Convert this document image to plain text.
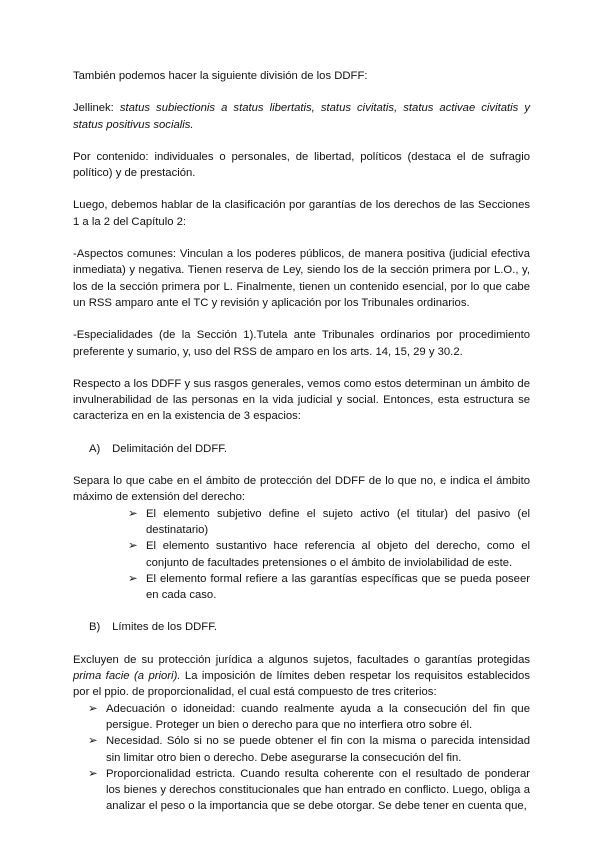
También podemos hacer la siguiente división de los DDFF:

Jellinek: status subiectionis a status libertatis, status civitatis, status activae civitatis y status positivus socialis.

Por contenido: individuales o personales, de libertad, políticos (destaca el de sufragio político) y de prestación.

Luego, debemos hablar de la clasificación por garantías de los derechos de las Secciones 1 a la 2 del Capítulo 2:

-Aspectos comunes: Vinculan a los poderes públicos, de manera positiva (judicial efectiva inmediata) y negativa. Tienen reserva de Ley, siendo los de la sección primera por L.O., y, los de la sección primera por L. Finalmente, tienen un contenido esencial, por lo que cabe un RSS amparo ante el TC y revisión y aplicación por los Tribunales ordinarios.

-Especialidades (de la Sección 1).Tutela ante Tribunales ordinarios por procedimiento preferente y sumario, y, uso del RSS de amparo en los arts. 14, 15, 29 y 30.2.

Respecto a los DDFF y sus rasgos generales, vemos como estos determinan un ámbito de invulnerabilidad de las personas en la vida judicial y social. Entonces, esta estructura se caracteriza en en la existencia de 3 espacios:

A) Delimitación del DDFF.

Separa lo que cabe en el ámbito de protección del DDFF de lo que no, e indica el ámbito máximo de extensión del derecho:

➢ El elemento subjetivo define el sujeto activo (el titular) del pasivo (el destinatario)
➢ El elemento sustantivo hace referencia al objeto del derecho, como el conjunto de facultades pretensiones o el ámbito de inviolabilidad de este.
➢ El elemento formal refiere a las garantías específicas que se pueda poseer en cada caso.

B) Límites de los DDFF.

Excluyen de su protección jurídica a algunos sujetos, facultades o garantías protegidas prima facie (a priori). La imposición de límites deben respetar los requisitos establecidos por el ppio. de proporcionalidad, el cual está compuesto de tres criterios:

➢ Adecuación o idoneidad: cuando realmente ayuda a la consecución del fin que persigue. Proteger un bien o derecho para que no interfiera otro sobre él.
➢ Necesidad. Sólo si no se puede obtener el fin con la misma o parecida intensidad sin limitar otro bien o derecho. Debe asegurarse la consecución del fin.
➢ Proporcionalidad estricta. Cuando resulta coherente con el resultado de ponderar los bienes y derechos constitucionales que han entrado en conflicto. Luego, obliga a analizar el peso o la importancia que se debe otorgar. Se debe tener en cuenta que,
